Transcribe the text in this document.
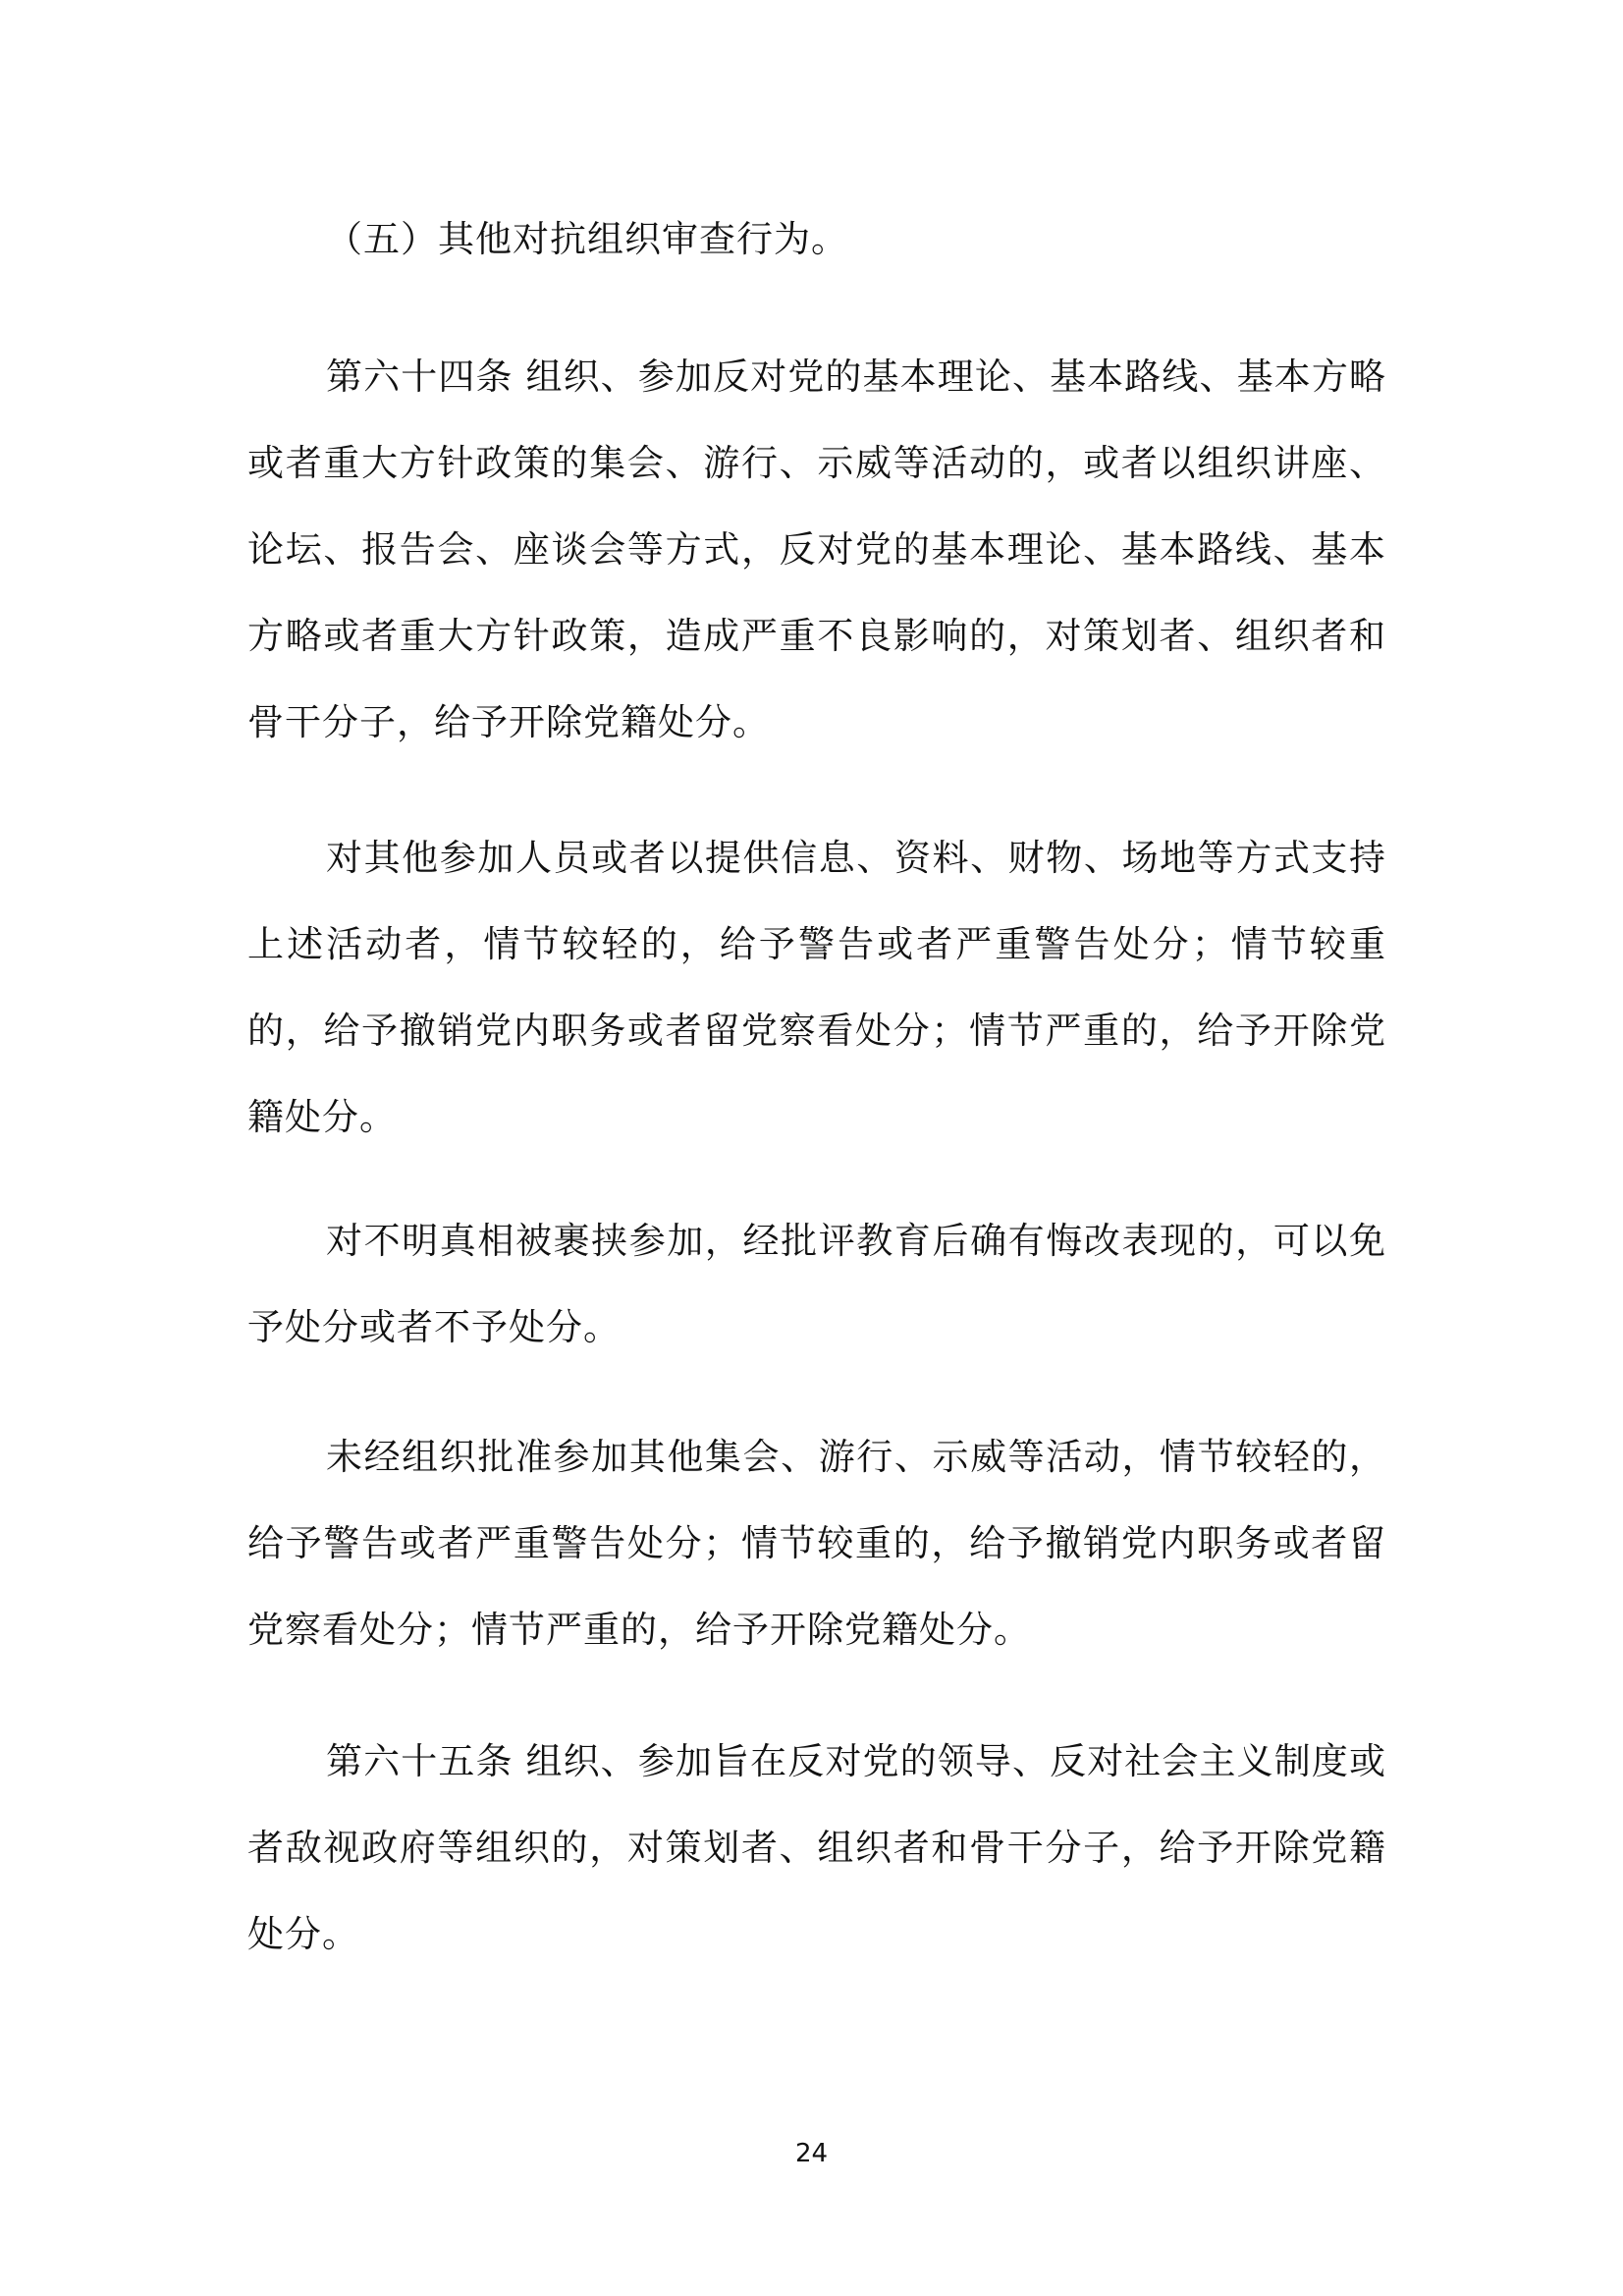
（五）其他对抗组织审查行为。

第六十四条 组织、参加反对党的基本理论、基本路线、基本方略或者重大方针政策的集会、游行、示威等活动的，或者以组织讲座、论坛、报告会、座谈会等方式，反对党的基本理论、基本路线、基本方略或者重大方针政策，造成严重不良影响的，对策划者、组织者和骨干分子，给予开除党籍处分。

对其他参加人员或者以提供信息、资料、财物、场地等方式支持上述活动者，情节较轻的，给予警告或者严重警告处分；情节较重的，给予撤销党内职务或者留党察看处分；情节严重的，给予开除党籍处分。

对不明真相被裹挟参加，经批评教育后确有悔改表现的，可以免予处分或者不予处分。

未经组织批准参加其他集会、游行、示威等活动，情节较轻的，给予警告或者严重警告处分；情节较重的，给予撤销党内职务或者留党察看处分；情节严重的，给予开除党籍处分。

第六十五条 组织、参加旨在反对党的领导、反对社会主义制度或者敌视政府等组织的，对策划者、组织者和骨干分子，给予开除党籍处分。

24
